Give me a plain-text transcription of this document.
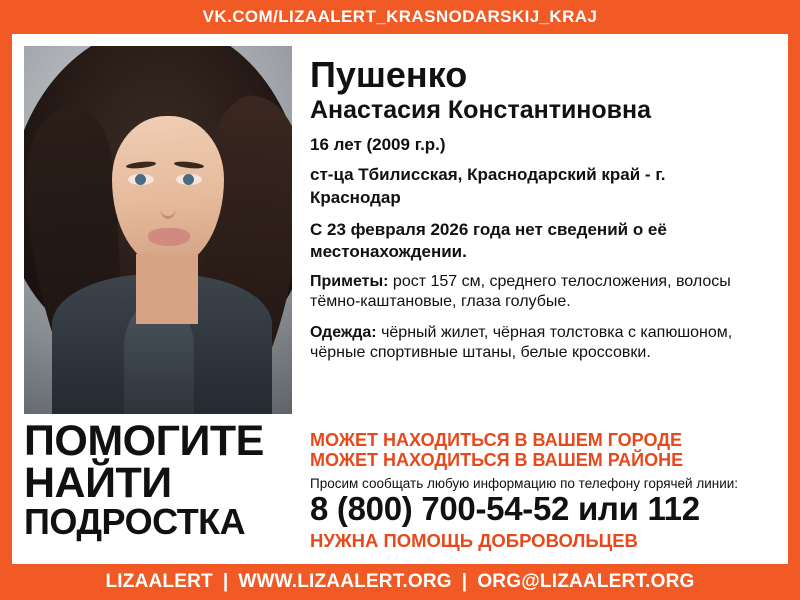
VK.COM/LIZAALERT_KRASNODARSKIJ_KRAJ
ПОМОГИТЕ
НАЙТИ
ПОДРОСТКА
Пушенко
Анастасия Константиновна
16 лет (2009 г.р.)
ст-ца Тбилисская, Краснодарский край - г.
Краснодар
С 23 февраля 2026 года нет сведений о её местонахождении.
Приметы: рост 157 см, среднего телосложения, волосы тёмно-каштановые, глаза голубые.
Одежда: чёрный жилет, чёрная толстовка с капюшоном, чёрные спортивные штаны, белые кроссовки.
МОЖЕТ НАХОДИТЬСЯ В ВАШЕМ ГОРОДЕ
МОЖЕТ НАХОДИТЬСЯ В ВАШЕМ РАЙОНЕ
Просим сообщать любую информацию по телефону горячей линии:
8 (800) 700-54-52 или 112
НУЖНА ПОМОЩЬ ДОБРОВОЛЬЦЕВ
LIZAALERT | WWW.LIZAALERT.ORG | ORG@LIZAALERT.ORG
